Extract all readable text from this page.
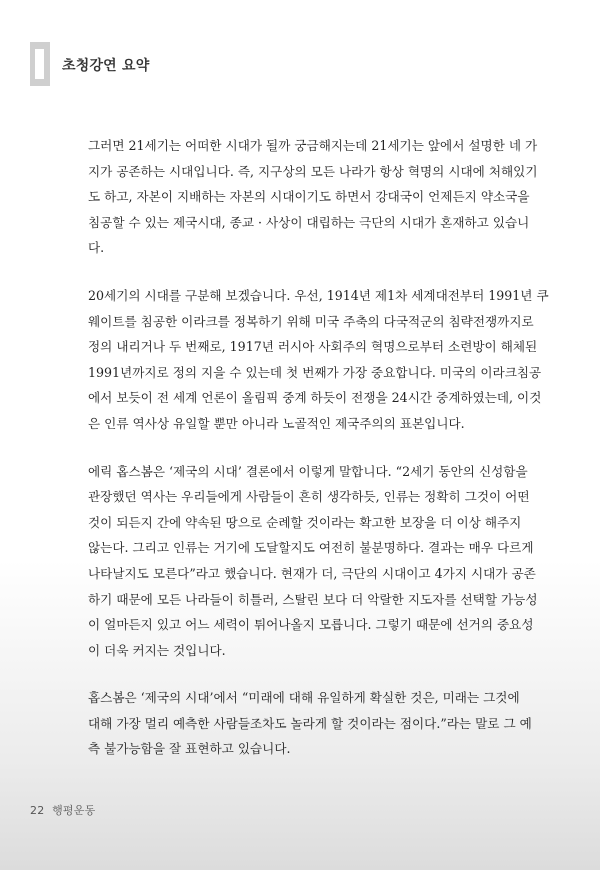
초청강연 요약

그러면 21세기는 어떠한 시대가 될까 궁금해지는데 21세기는 앞에서 설명한 네 가
지가 공존하는 시대입니다. 즉, 지구상의 모든 나라가 항상 혁명의 시대에 처해있기
도 하고, 자본이 지배하는 자본의 시대이기도 하면서 강대국이 언제든지 약소국을
침공할 수 있는 제국시대, 종교 · 사상이 대립하는 극단의 시대가 혼재하고 있습니
다.

20세기의 시대를 구분해 보겠습니다. 우선, 1914년 제1차 세계대전부터 1991년 쿠
웨이트를 침공한 이라크를 정복하기 위해 미국 주축의 다국적군의 침략전쟁까지로
정의 내리거나 두 번째로, 1917년 러시아 사회주의 혁명으로부터 소련방이 해체된
1991년까지로 정의 지을 수 있는데 첫 번째가 가장 중요합니다. 미국의 이라크침공
에서 보듯이 전 세계 언론이 올림픽 중계 하듯이 전쟁을 24시간 중계하였는데, 이것
은 인류 역사상 유일할 뿐만 아니라 노골적인 제국주의의 표본입니다.

에릭 홉스봄은 ‘제국의 시대’ 결론에서 이렇게 말합니다. “2세기 동안의 신성함을
관장했던 역사는 우리들에게 사람들이 흔히 생각하듯, 인류는 정확히 그것이 어떤
것이 되든지 간에 약속된 땅으로 순례할 것이라는 확고한 보장을 더 이상 해주지
않는다. 그리고 인류는 거기에 도달할지도 여전히 불분명하다. 결과는 매우 다르게
나타날지도 모른다”라고 했습니다. 현재가 더, 극단의 시대이고 4가지 시대가 공존
하기 때문에 모든 나라들이 히틀러, 스탈린 보다 더 악랄한 지도자를 선택할 가능성
이 얼마든지 있고 어느 세력이 튀어나올지 모릅니다. 그렇기 때문에 선거의 중요성
이 더욱 커지는 것입니다.

홉스봄은 ‘제국의 시대’에서 “미래에 대해 유일하게 확실한 것은, 미래는 그것에
대해 가장 멀리 예측한 사람들조차도 놀라게 할 것이라는 점이다.”라는 말로 그 예
측 불가능함을 잘 표현하고 있습니다.

22 행평운동
